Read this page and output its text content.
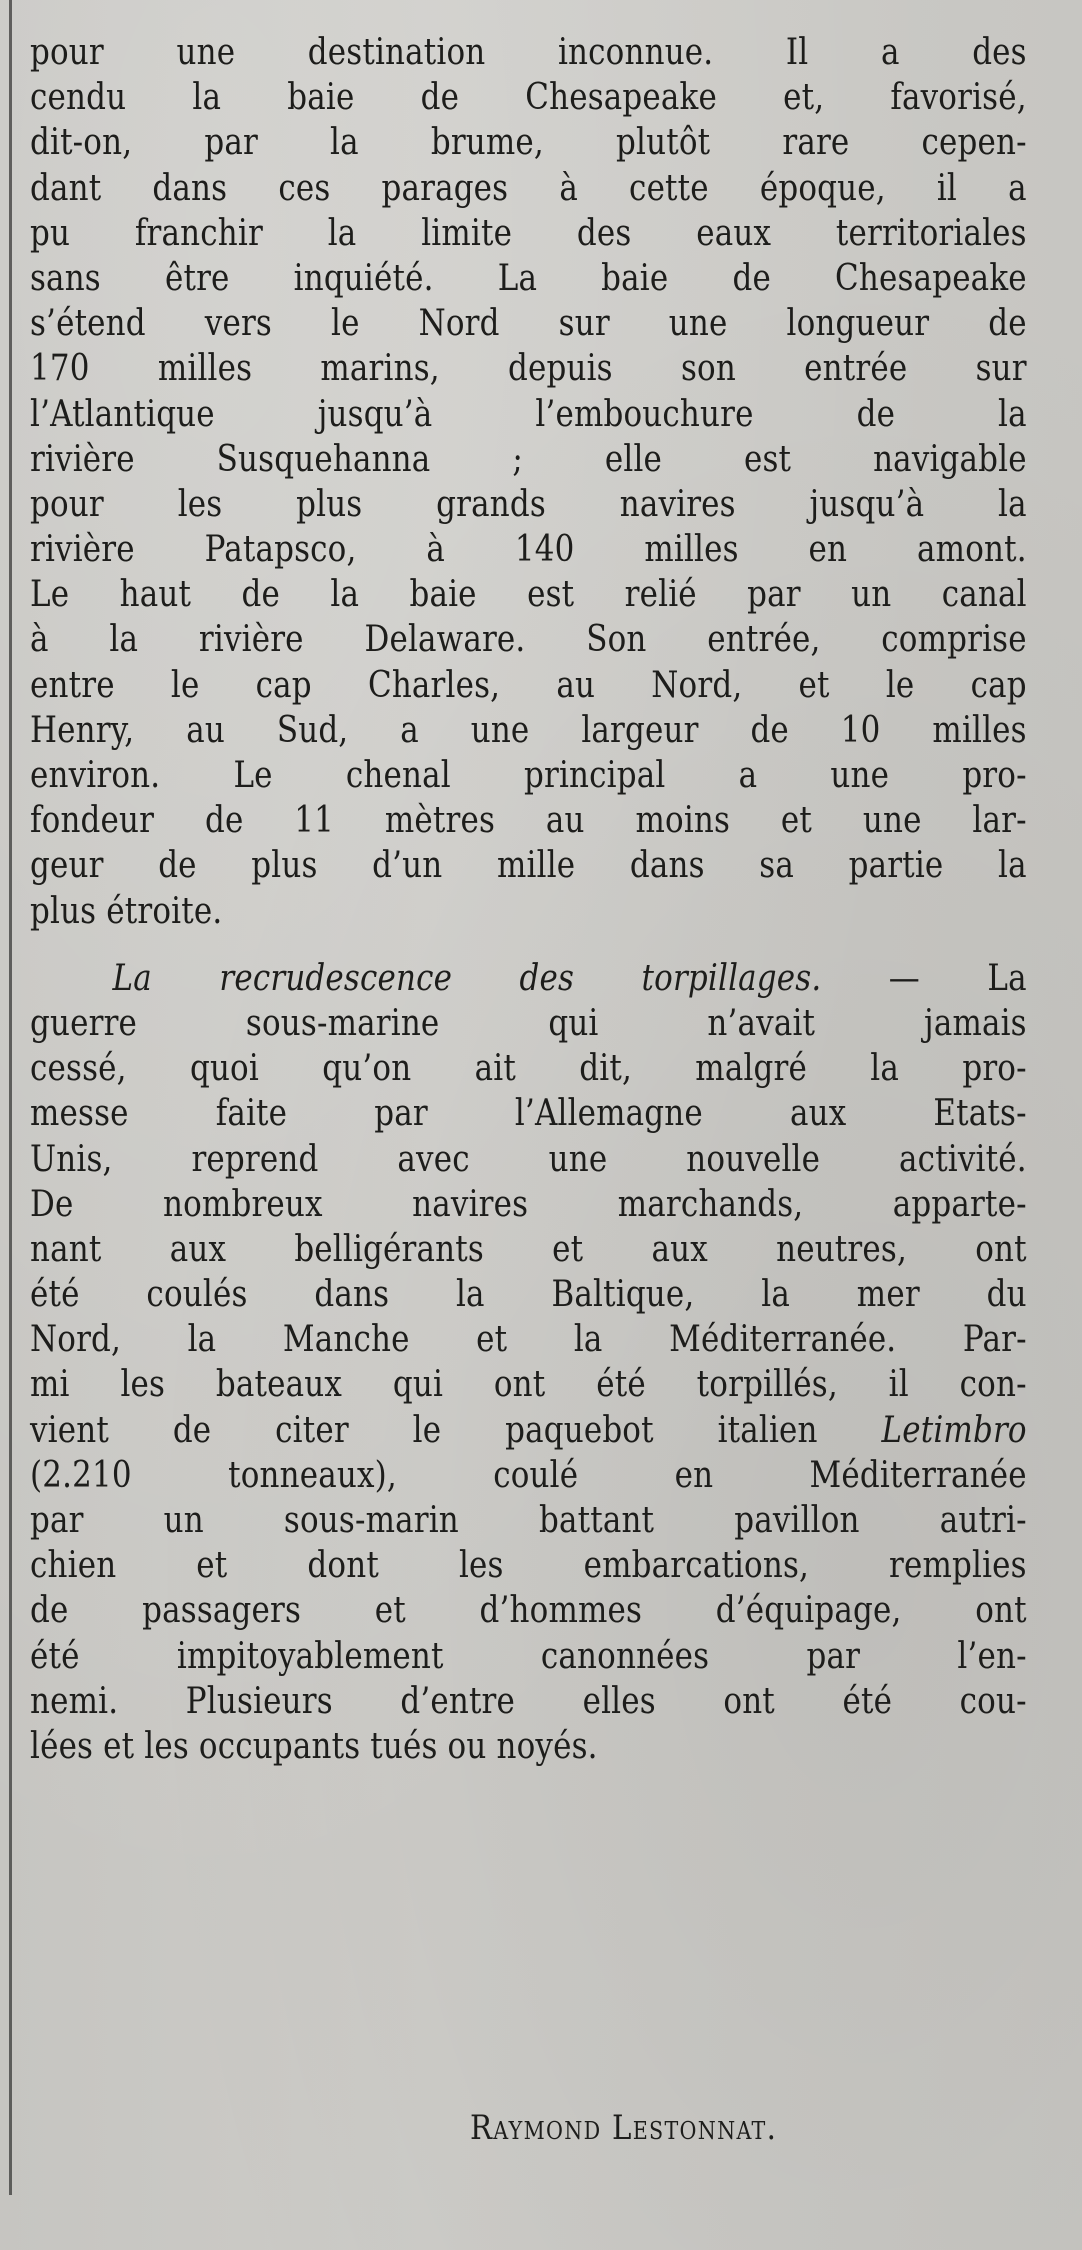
pour une destination inconnue. Il a des
cendu la baie de Chesapeake et, favorisé,
dit-on, par la brume, plutôt rare cepen-
dant dans ces parages à cette époque, il a
pu franchir la limite des eaux territoriales
sans être inquiété. La baie de Chesapeake
s’étend vers le Nord sur une longueur de
170 milles marins, depuis son entrée sur
l’Atlantique jusqu’à l’embouchure de la
rivière Susquehanna ; elle est navigable
pour les plus grands navires jusqu’à la
rivière Patapsco, à 140 milles en amont.
Le haut de la baie est relié par un canal
à la rivière Delaware. Son entrée, comprise
entre le cap Charles, au Nord, et le cap
Henry, au Sud, a une largeur de 10 milles
environ. Le chenal principal a une pro-
fondeur de 11 mètres au moins et une lar-
geur de plus d’un mille dans sa partie la
plus étroite.
La recrudescence des torpillages. — La
guerre sous-marine qui n’avait jamais
cessé, quoi qu’on ait dit, malgré la pro-
messe faite par l’Allemagne aux Etats-
Unis, reprend avec une nouvelle activité.
De nombreux navires marchands, apparte-
nant aux belligérants et aux neutres, ont
été coulés dans la Baltique, la mer du
Nord, la Manche et la Méditerranée. Par-
mi les bateaux qui ont été torpillés, il con-
vient de citer le paquebot italien Letimbro
(2.210 tonneaux), coulé en Méditerranée
par un sous-marin battant pavillon autri-
chien et dont les embarcations, remplies
de passagers et d’hommes d’équipage, ont
été impitoyablement canonnées par l’en-
nemi. Plusieurs d’entre elles ont été cou-
lées et les occupants tués ou noyés.
Raymond Lestonnat.
